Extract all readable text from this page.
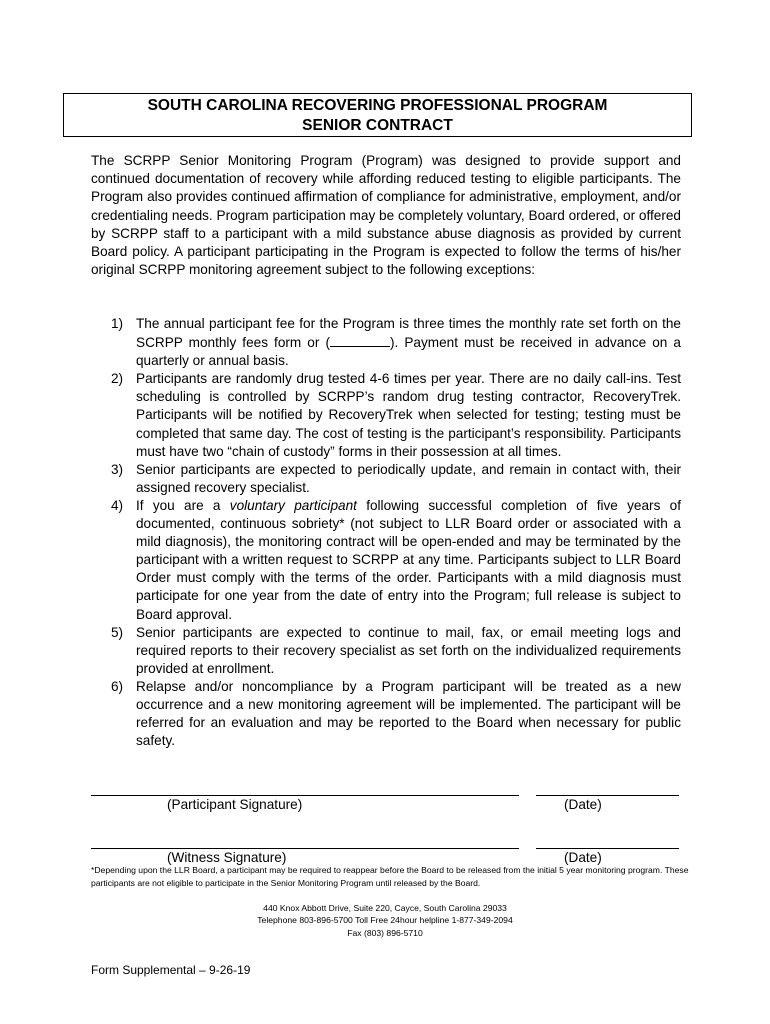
SOUTH CAROLINA RECOVERING PROFESSIONAL PROGRAM
SENIOR CONTRACT

The SCRPP Senior Monitoring Program (Program) was designed to provide support and continued documentation of recovery while affording reduced testing to eligible participants. The Program also provides continued affirmation of compliance for administrative, employment, and/or credentialing needs. Program participation may be completely voluntary, Board ordered, or offered by SCRPP staff to a participant with a mild substance abuse diagnosis as provided by current Board policy. A participant participating in the Program is expected to follow the terms of his/her original SCRPP monitoring agreement subject to the following exceptions:

1) The annual participant fee for the Program is three times the monthly rate set forth on the SCRPP monthly fees form or (	). Payment must be received in advance on a quarterly or annual basis.
2) Participants are randomly drug tested 4-6 times per year. There are no daily call-ins. Test scheduling is controlled by SCRPP’s random drug testing contractor, RecoveryTrek. Participants will be notified by RecoveryTrek when selected for testing; testing must be completed that same day. The cost of testing is the participant’s responsibility. Participants must have two “chain of custody” forms in their possession at all times.
3) Senior participants are expected to periodically update, and remain in contact with, their assigned recovery specialist.
4) If you are a voluntary participant following successful completion of five years of documented, continuous sobriety* (not subject to LLR Board order or associated with a mild diagnosis), the monitoring contract will be open-ended and may be terminated by the participant with a written request to SCRPP at any time. Participants subject to LLR Board Order must comply with the terms of the order. Participants with a mild diagnosis must participate for one year from the date of entry into the Program; full release is subject to Board approval.
5) Senior participants are expected to continue to mail, fax, or email meeting logs and required reports to their recovery specialist as set forth on the individualized requirements provided at enrollment.
6) Relapse and/or noncompliance by a Program participant will be treated as a new occurrence and a new monitoring agreement will be implemented. The participant will be referred for an evaluation and may be reported to the Board when necessary for public safety.
(Participant Signature)	(Date)
(Witness Signature)	(Date)

*Depending upon the LLR Board, a participant may be required to reappear before the Board to be released from the initial 5 year monitoring program. These participants are not eligible to participate in the Senior Monitoring Program until released by the Board.

440 Knox Abbott Drive, Suite 220, Cayce, South Carolina 29033
Telephone 803-896-5700 Toll Free 24hour helpline 1-877-349-2094
Fax (803) 896-5710
Form Supplemental – 9-26-19
